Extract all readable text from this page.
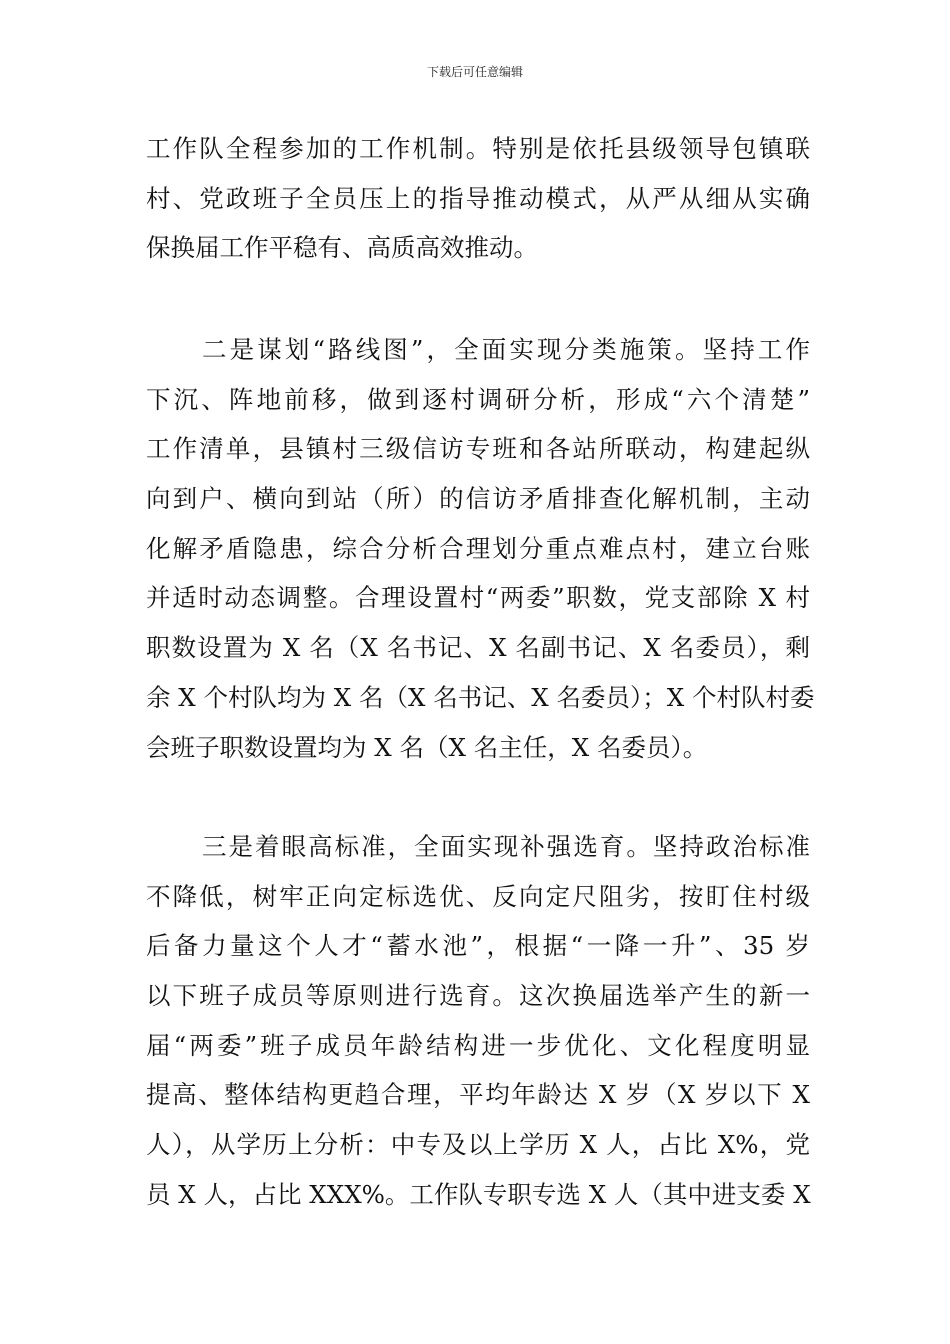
下载后可任意编辑
工作队全程参加的工作机制。特别是依托县级领导包镇联
村、党政班子全员压上的指导推动模式，从严从细从实确
保换届工作平稳有、高质高效推动。
二是谋划“路线图”，全面实现分类施策。坚持工作
下沉、阵地前移，做到逐村调研分析，形成“六个清楚”
工作清单，县镇村三级信访专班和各站所联动，构建起纵
向到户、横向到站（所）的信访矛盾排查化解机制，主动
化解矛盾隐患，综合分析合理划分重点难点村，建立台账
并适时动态调整。合理设置村“两委”职数，党支部除 X 村
职数设置为 X 名（X 名书记、X 名副书记、X 名委员），剩
余 X 个村队均为 X 名（X 名书记、X 名委员）；X 个村队村委
会班子职数设置均为 X 名（X 名主任，X 名委员）。
三是着眼高标准，全面实现补强选育。坚持政治标准
不降低，树牢正向定标选优、反向定尺阻劣，按盯住村级
后备力量这个人才“蓄水池”，根据“一降一升”、35 岁
以下班子成员等原则进行选育。这次换届选举产生的新一
届“两委”班子成员年龄结构进一步优化、文化程度明显
提高、整体结构更趋合理，平均年龄达 X 岁（X 岁以下 X
人），从学历上分析：中专及以上学历 X 人，占比 X%，党
员 X 人，占比 XXX%。工作队专职专选 X 人（其中进支委 X
